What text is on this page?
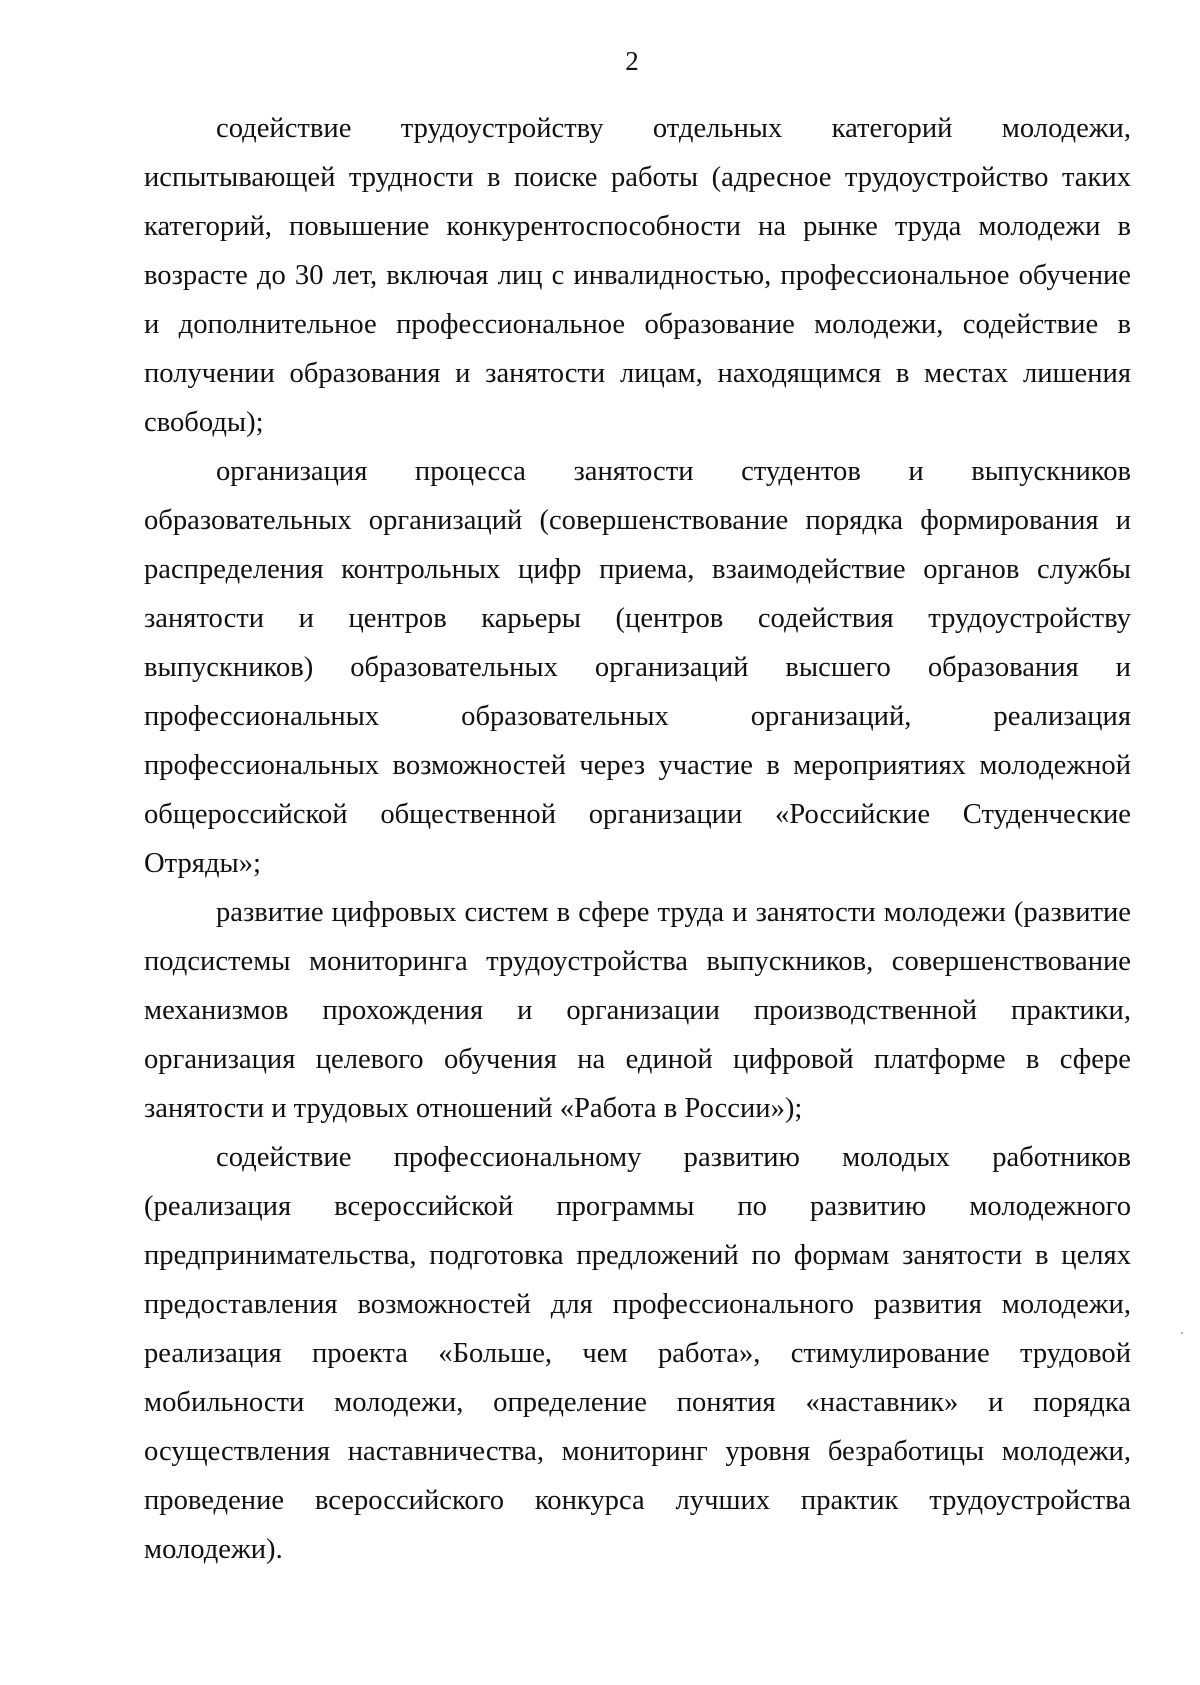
2

содействие трудоустройству отдельных категорий молодежи, испытывающей трудности в поиске работы (адресное трудоустройство таких категорий, повышение конкурентоспособности на рынке труда молодежи в возрасте до 30 лет, включая лиц с инвалидностью, профессиональное обучение и дополнительное профессиональное образование молодежи, содействие в получении образования и занятости лицам, находящимся в местах лишения свободы);

организация процесса занятости студентов и выпускников образовательных организаций (совершенствование порядка формирования и распределения контрольных цифр приема, взаимодействие органов службы занятости и центров карьеры (центров содействия трудоустройству выпускников) образовательных организаций высшего образования и профессиональных образовательных организаций, реализация профессиональных возможностей через участие в мероприятиях молодежной общероссийской общественной организации «Российские Студенческие Отряды»;

развитие цифровых систем в сфере труда и занятости молодежи (развитие подсистемы мониторинга трудоустройства выпускников, совершенствование механизмов прохождения и организации производственной практики, организация целевого обучения на единой цифровой платформе в сфере занятости и трудовых отношений «Работа в России»);

содействие профессиональному развитию молодых работников (реализация всероссийской программы по развитию молодежного предпринимательства, подготовка предложений по формам занятости в целях предоставления возможностей для профессионального развития молодежи, реализация проекта «Больше, чем работа», стимулирование трудовой мобильности молодежи, определение понятия «наставник» и порядка осуществления наставничества, мониторинг уровня безработицы молодежи, проведение всероссийского конкурса лучших практик трудоустройства молодежи).
